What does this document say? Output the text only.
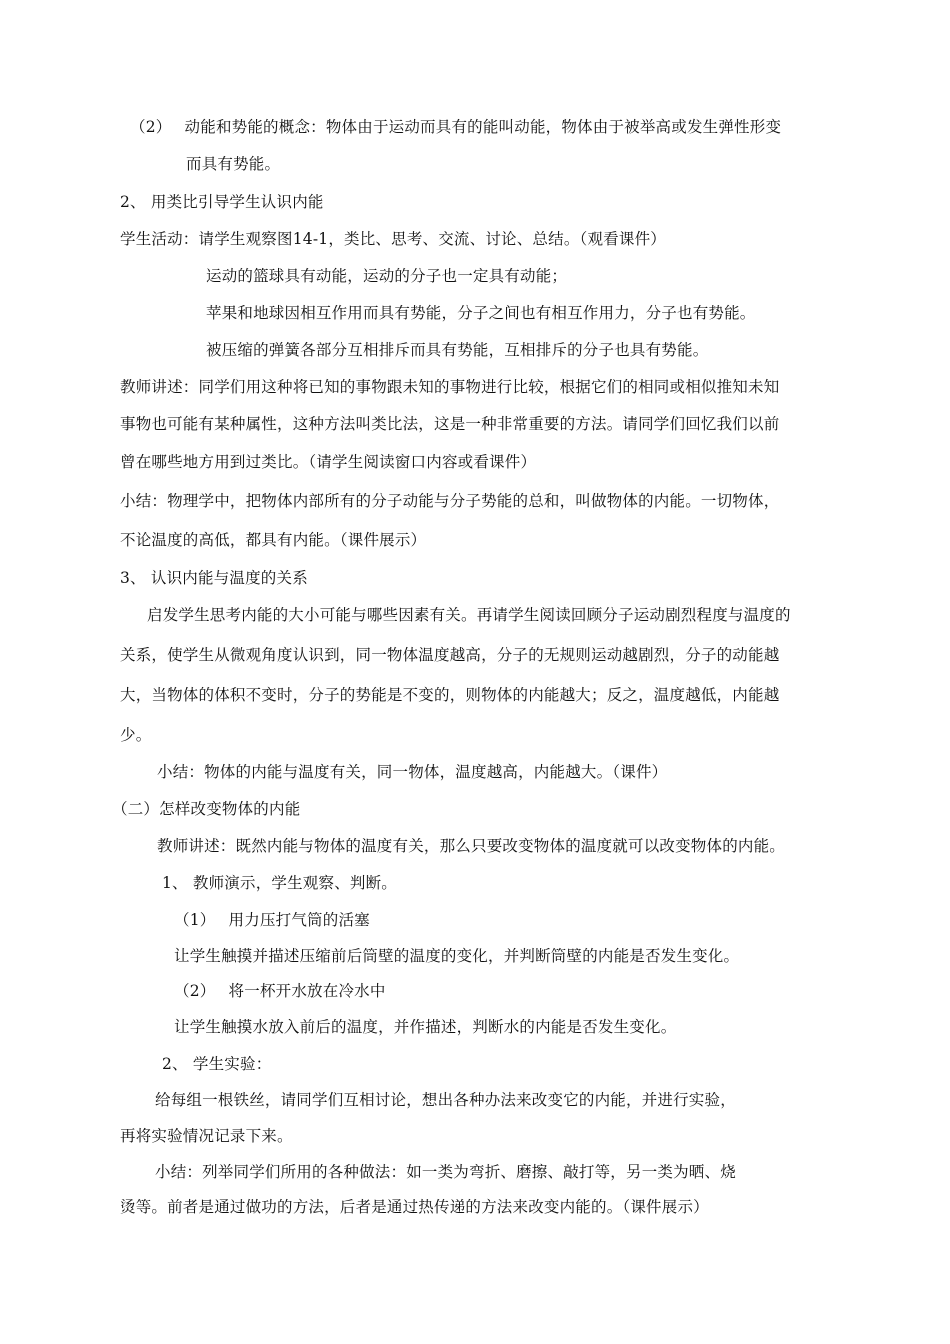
（2）　 动能和势能的概念：物体由于运动而具有的能叫动能，物体由于被举高或发生弹性形变
而具有势能。
2、 用类比引导学生认识内能
学生活动：请学生观察图14-1，类比、思考、交流、讨论、总结。（观看课件）
运动的篮球具有动能，运动的分子也一定具有动能；
苹果和地球因相互作用而具有势能，分子之间也有相互作用力，分子也有势能。
被压缩的弹簧各部分互相排斥而具有势能，互相排斥的分子也具有势能。
教师讲述：同学们用这种将已知的事物跟未知的事物进行比较，根据它们的相同或相似推知未知
事物也可能有某种属性，这种方法叫类比法，这是一种非常重要的方法。请同学们回忆我们以前
曾在哪些地方用到过类比。（请学生阅读窗口内容或看课件）
小结：物理学中，把物体内部所有的分子动能与分子势能的总和，叫做物体的内能。一切物体，
不论温度的高低，都具有内能。（课件展示）
3、 认识内能与温度的关系
启发学生思考内能的大小可能与哪些因素有关。再请学生阅读回顾分子运动剧烈程度与温度的
关系，使学生从微观角度认识到，同一物体温度越高，分子的无规则运动越剧烈，分子的动能越
大，当物体的体积不变时，分子的势能是不变的，则物体的内能越大；反之，温度越低，内能越
少。
小结：物体的内能与温度有关，同一物体，温度越高，内能越大。（课件）
（二）怎样改变物体的内能
教师讲述：既然内能与物体的温度有关，那么只要改变物体的温度就可以改变物体的内能。
1、 教师演示，学生观察、判断。
（1）　 用力压打气筒的活塞
让学生触摸并描述压缩前后筒壁的温度的变化，并判断筒壁的内能是否发生变化。
（2）　 将一杯开水放在冷水中
让学生触摸水放入前后的温度，并作描述，判断水的内能是否发生变化。
2、 学生实验：
给每组一根铁丝，请同学们互相讨论，想出各种办法来改变它的内能，并进行实验，
再将实验情况记录下来。
小结：列举同学们所用的各种做法：如一类为弯折、磨擦、敲打等，另一类为晒、烧
烫等。前者是通过做功的方法，后者是通过热传递的方法来改变内能的。（课件展示）
